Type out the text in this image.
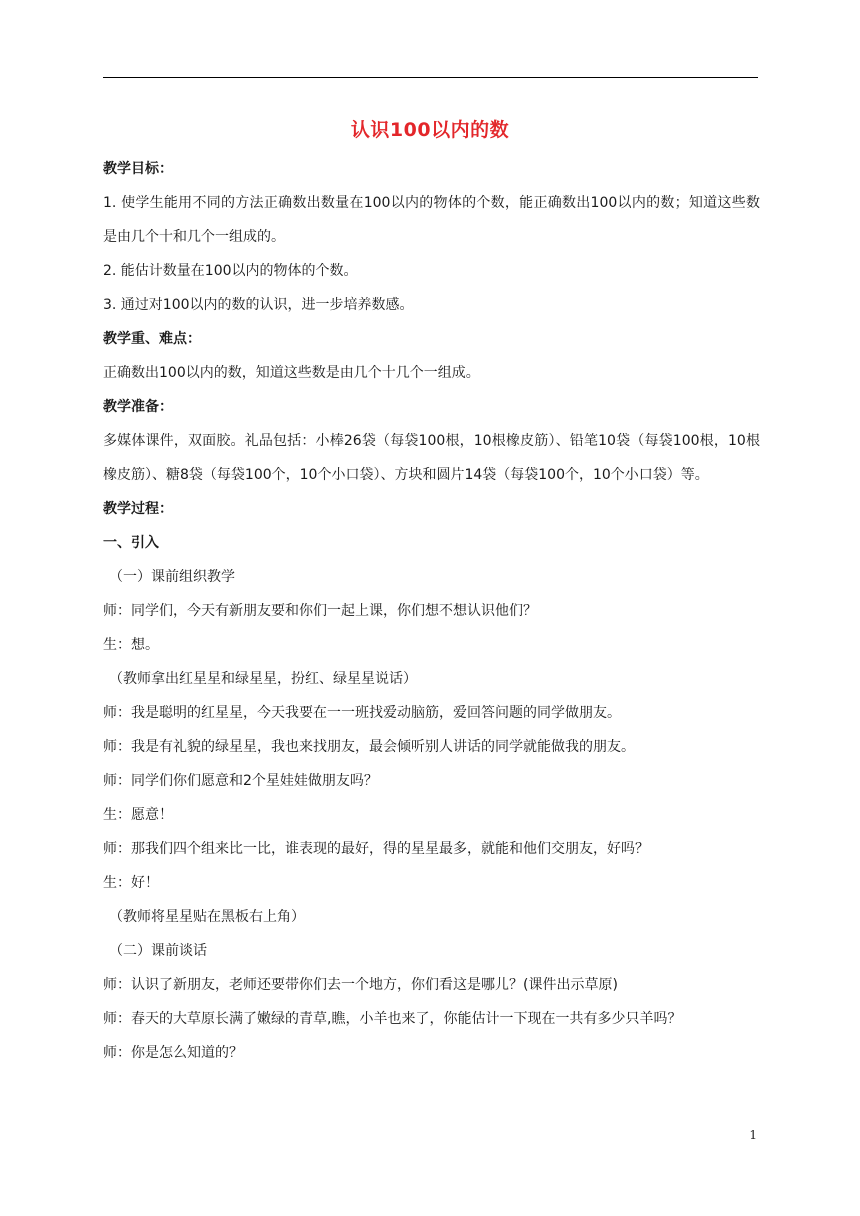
认识100以内的数

教学目标：

1. 使学生能用不同的方法正确数出数量在100以内的物体的个数，能正确数出100以内的数；知道这些数是由几个十和几个一组成的。

2. 能估计数量在100以内的物体的个数。

3. 通过对100以内的数的认识，进一步培养数感。

教学重、难点：

正确数出100以内的数，知道这些数是由几个十几个一组成。

教学准备：

多媒体课件，双面胶。礼品包括：小棒26袋（每袋100根，10根橡皮筋）、铅笔10袋（每袋100根，10根橡皮筋）、糖8袋（每袋100个，10个小口袋）、方块和圆片14袋（每袋100个，10个小口袋）等。

教学过程：

一、引入

（一）课前组织教学

师：同学们，今天有新朋友要和你们一起上课，你们想不想认识他们？

生：想。

（教师拿出红星星和绿星星，扮红、绿星星说话）

师：我是聪明的红星星，今天我要在一一班找爱动脑筋，爱回答问题的同学做朋友。

师：我是有礼貌的绿星星，我也来找朋友，最会倾听别人讲话的同学就能做我的朋友。

师：同学们你们愿意和2个星娃娃做朋友吗？

生：愿意！

师：那我们四个组来比一比，谁表现的最好，得的星星最多，就能和他们交朋友，好吗？

生：好！

（教师将星星贴在黑板右上角）

（二）课前谈话

师：认识了新朋友，老师还要带你们去一个地方，你们看这是哪儿？(课件出示草原)

师：春天的大草原长满了嫩绿的青草,瞧，小羊也来了，你能估计一下现在一共有多少只羊吗？

师：你是怎么知道的？

1
